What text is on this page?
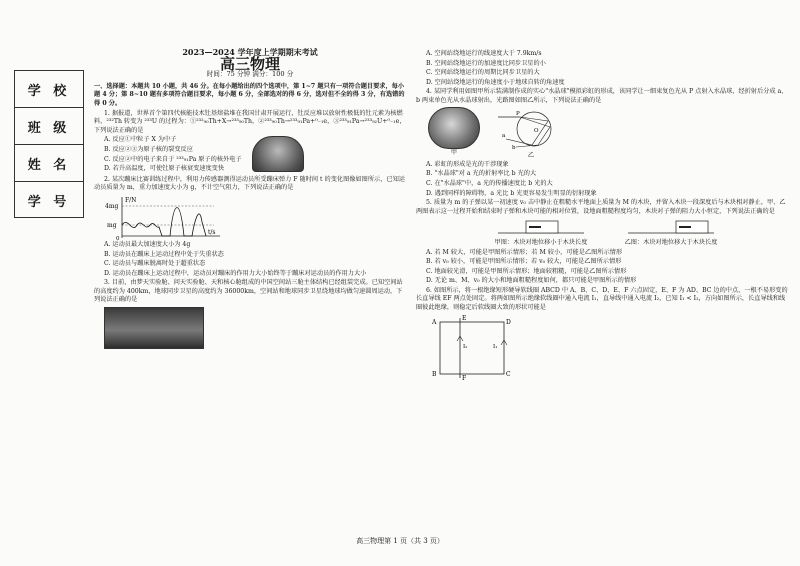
学 校
班 级
姓 名
学 号
2023—2024 学年度上学期期末考试
高三物理
时间：75 分钟 满分：100 分

一、选择题：本题共 10 小题，共 46 分。在每小题给出的四个选项中，第 1~7 题只有一项符合题目要求，每小题 4 分；第 8~10 题有多项符合题目要求，每小题 6 分，全部选对的得 6 分，选对但不全的得 3 分，有选错的得 0 分。

1. 据报道，世界首个第四代核能技术钍基熔盐堆在我国甘肃开展运行，钍反应堆以放射性极低的钍元素为核燃料，²³²Th 转变为 ²³³U 的过程为：①²³²₉₀Th+X→²³³₉₀Th，②²³³₉₀Th→²³³₉₁Pa+⁰₋₁e，③²³³₉₁Pa→²³³₉₂U+⁰₋₁e，下列说法正确的是

A. 反应①中粒子 X 为中子

B. 反应②③为原子核的裂变反应

C. 反应②中的电子来自于 ²³³₉₁Pa 原子的核外电子

D. 若升高温度，可使钍原子核衰变速度变快

2. 某次蹦床比赛训练过程中，利用力传感器测得运动员所受蹦床弹力 F 随时间 t 的变化图像如图所示，已知运动员质量为 m，重力加速度大小为 g，不计空气阻力，下列说法正确的是

F/N
4mg
mg
0
t/s

A. 运动员最大加速度大小为 4g

B. 运动员在蹦床上运动过程中处于失重状态

C. 运动员与蹦床脱离时处于超重状态

D. 运动员在蹦床上运动过程中，运动员对蹦床的作用力大小始终等于蹦床对运动员的作用力大小

3. 目前，由梦天实验舱、问天实验舱、天和核心舱组成的中国空间站三舱主体结构已经组装完成。已知空间站的高度约为 400km，地球同步卫星的高度约为 36000km，空间站和地球同步卫星绕地球均做匀速圆周运动，下列说法正确的是

A. 空间站绕地运行的线速度大于 7.9km/s

B. 空间站绕地运行的加速度比同步卫星的小

C. 空间站绕地运行的周期比同步卫星的大

D. 空间站绕地运行的角速度小于地球自转的角速度

4. 某同学利用如图甲所示装满制作成的实心"水晶球"模拟彩虹的形成，该同学让一细束复色光从 P 点射入水晶球，经折射后分成 a、b 两束单色光从水晶球射出，光路图如图乙所示，下列说法正确的是

甲
P
O
a
b
乙

A. 彩虹的形成是光的干涉现象

B. "水晶球"对 a 光的折射率比 b 光的大

C. 在"水晶球"中，a 光的传播速度比 b 光的大

D. 遇到同样的障碍物，a 光比 b 光更容易发生明显的衍射现象

5. 质量为 m 的子弹以某一初速度 v₀ 击中静止在粗糙水平地面上质量为 M 的木块，并留入木块一段深度后与木块相对静止，甲、乙两图表示这一过程开始和结束时子弹和木块可能的相对位置，设地面粗糙程度均匀，木块对子弹的阻力大小恒定，下列说法正确的是

甲图：木块对地位移小于木块长度	乙图：木块对地位移大于木块长度

A. 若 M 较大，可能是甲图所示情形；若 M 较小，可能是乙图所示情形

B. 若 v₀ 较小，可能是甲图所示情形；若 v₀ 较大，可能是乙图所示情形

C. 地面较光滑，可能是甲图所示情形；地面较粗糙，可能是乙图所示情形

D. 无论 m、M、v₀ 的大小和地面粗糙程度如何，都只可能是甲图所示的情形

6. 如图所示，将一根绝缘短形硬导软线圈 ABCD 中 A、B、C、D、E、F 六点固定，E、F 为 AD、BC 边的中点，一根不易形变的长直导线 EF 两点处固定。将两如图所示绝缘软线圈中通入电流 I₁，直导线中通入电流 I₂，已知 I₁ < I₂，方向如图所示，长直导线和线圈彼此绝缘，则稳定后软线圈大致的形状可能是

A
E
D
B
F
C
I₂	I₁
高三物理第 1 页（共 3 页）
